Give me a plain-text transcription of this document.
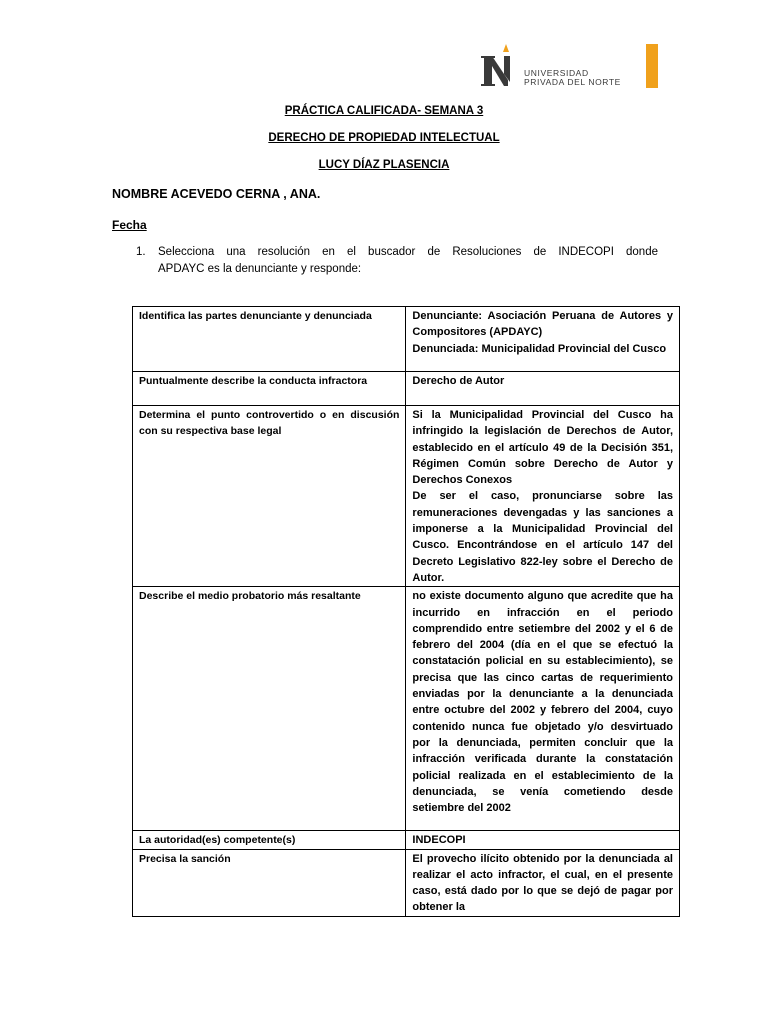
UNIVERSIDAD
PRIVADA DEL NORTE
PRÁCTICA CALIFICADA- SEMANA 3
DERECHO DE PROPIEDAD INTELECTUAL
LUCY DÍAZ PLASENCIA
NOMBRE ACEVEDO CERNA , ANA.
Fecha
1. Selecciona una resolución en el buscador de Resoluciones de INDECOPI donde
APDAYC es la denunciante y responde:
Identifica las partes denunciante y denunciada	Denunciante: Asociación Peruana de Autores y Compositores (APDAYC)

Denunciada: Municipalidad Provincial del Cusco

Puntualmente describe la conducta infractora	Derecho de Autor

Determina el punto controvertido o en discusión con su respectiva base legal	Si la Municipalidad Provincial del Cusco ha infringido la legislación de Derechos de Autor, establecido en el artículo 49 de la Decisión 351, Régimen Común sobre Derecho de Autor y Derechos Conexos

De ser el caso, pronunciarse sobre las remuneraciones devengadas y las sanciones a imponerse a la Municipalidad Provincial del Cusco. Encontrándose en el artículo 147 del Decreto Legislativo 822-ley sobre el Derecho de Autor.

Describe el medio probatorio más resaltante	no existe documento alguno que acredite que ha incurrido en infracción en el periodo comprendido entre setiembre del 2002 y el 6 de febrero del 2004 (día en el que se efectuó la constatación policial en su establecimiento), se precisa que las cinco cartas de requerimiento enviadas por la denunciante a la denunciada entre octubre del 2002 y febrero del 2004, cuyo contenido nunca fue objetado y/o desvirtuado por la denunciada, permiten concluir que la infracción verificada durante la constatación policial realizada en el establecimiento de la denunciada, se venía cometiendo desde setiembre del 2002

La autoridad(es) competente(s)	INDECOPI

Precisa la sanción	El provecho ilícito obtenido por la denunciada al realizar el acto infractor, el cual, en el presente caso, está dado por lo que se dejó de pagar por obtener la
